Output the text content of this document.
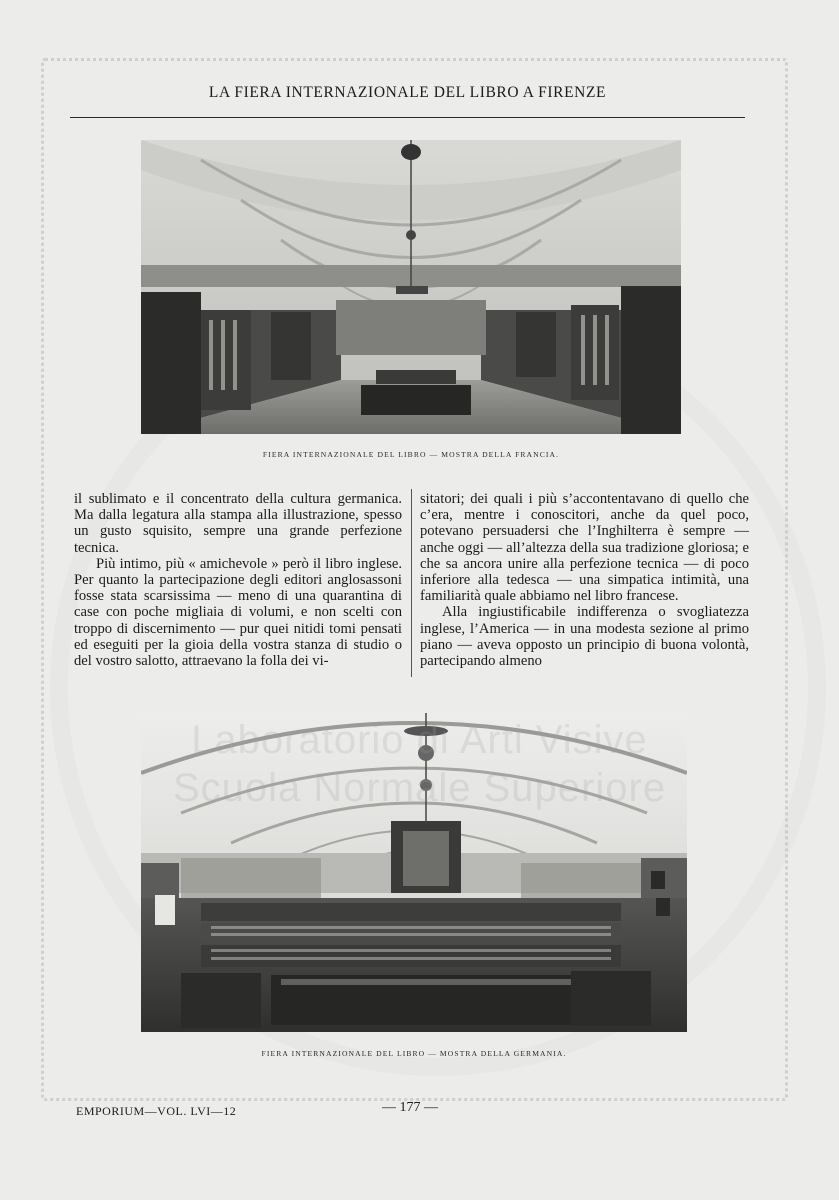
LA FIERA INTERNAZIONALE DEL LIBRO A FIRENZE
FIERA INTERNAZIONALE DEL LIBRO — MOSTRA DELLA FRANCIA.

il sublimato e il concentrato della cultura germanica. Ma dalla legatura alla stampa alla illustrazione, spesso un gusto squisito, sempre una grande perfezione tecnica.

Più intimo, più « amichevole » però il libro inglese. Per quanto la partecipazione degli editori anglosassoni fosse stata scarsissima — meno di una quarantina di case con poche migliaia di volumi, e non scelti con troppo di discernimento — pur quei nitidi tomi pensati ed eseguiti per la gioia della vostra stanza di studio o del vostro salotto, attraevano la folla dei vi-

sitatori; dei quali i più s’accontentavano di quello che c’era, mentre i conoscitori, anche da quel poco, potevano persuadersi che l’Inghilterra è sempre — anche oggi — all’altezza della sua tradizione gloriosa; e che sa ancora unire alla perfezione tecnica — di poco inferiore alla tedesca — una simpatica intimità, una familiarità quale abbiamo nel libro francese.

Alla ingiustificabile indifferenza o svogliatezza inglese, l’America — in una modesta sezione al primo piano — aveva opposto un principio di buona volontà, partecipando almeno

FIERA INTERNAZIONALE DEL LIBRO — MOSTRA DELLA GERMANIA.
Laboratorio di Arti Visive
Scuola Normale Superiore
EMPORIUM—VOL. LVI—12	— 177 —
